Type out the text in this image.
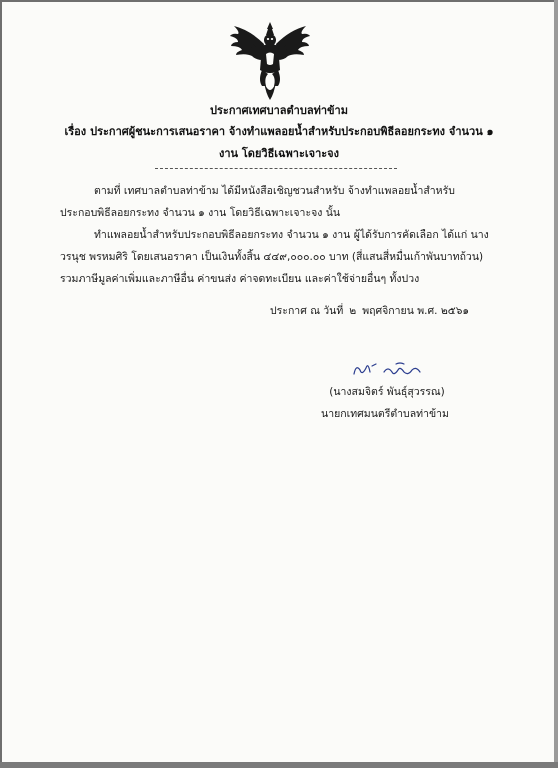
ประกาศเทศบาลตำบลท่าข้าม
เรื่อง ประกาศผู้ชนะการเสนอราคา จ้างทำแพลอยน้ำสำหรับประกอบพิธีลอยกระทง จำนวน ๑ งาน โดยวิธีเฉพาะเจาะจง

ตามที่ เทศบาลตำบลท่าข้าม ได้มีหนังสือเชิญชวนสำหรับ จ้างทำแพลอยน้ำสำหรับประกอบพิธีลอยกระทง จำนวน ๑ งาน โดยวิธีเฉพาะเจาะจง นั้น

ทำแพลอยน้ำสำหรับประกอบพิธีลอยกระทง จำนวน ๑ งาน ผู้ได้รับการคัดเลือก ได้แก่ นางวรนุช พรหมศิริ โดยเสนอราคา เป็นเงินทั้งสิ้น ๔๔๙,๐๐๐.๐๐ บาท (สี่แสนสี่หมื่นเก้าพันบาทถ้วน) รวมภาษีมูลค่าเพิ่มและภาษีอื่น ค่าขนส่ง ค่าจดทะเบียน และค่าใช้จ่ายอื่นๆ ทั้งปวง

ประกาศ ณ วันที่ ๒ พฤศจิกายน พ.ศ. ๒๕๖๑
(นางสมจิตร์ พันธุ์สุวรรณ)
นายกเทศมนตรีตำบลท่าข้าม
